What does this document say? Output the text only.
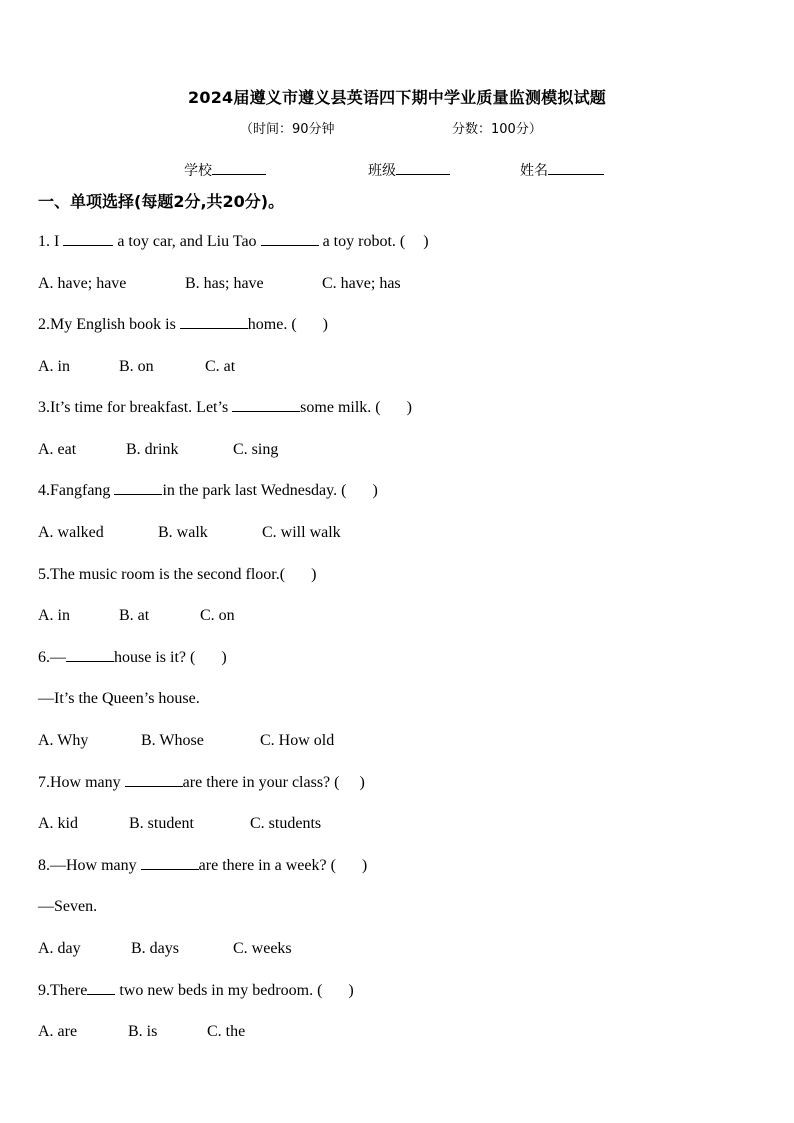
2024届遵义市遵义县英语四下期中学业质量监测模拟试题
（时间：90分钟	分数：100分）
学校	班级	姓名
一、单项选择(每题2分,共20分)。
1. I	a toy car, and Liu Tao	a toy robot. ( )
A. have; have	B. has; have	C. have; has
2.My English book is	home. ( )
A. in	B. on	C. at
3.It’s time for breakfast. Let’s	some milk. ( )
A. eat	B. drink	C. sing
4.Fangfang	in the park last Wednesday. ( )
A. walked	B. walk	C. will walk
5.The music room is the second floor.( )
A. in	B. at	C. on
6.—	house is it? ( )
—It’s the Queen’s house.
A. Why	B. Whose	C. How old
7.How many	are there in your class? ( )
A. kid	B. student	C. students
8.—How many	are there in a week? ( )
—Seven.
A. day	B. days	C. weeks
9.There two new beds in my bedroom. ( )
A. are	B. is	C. the
